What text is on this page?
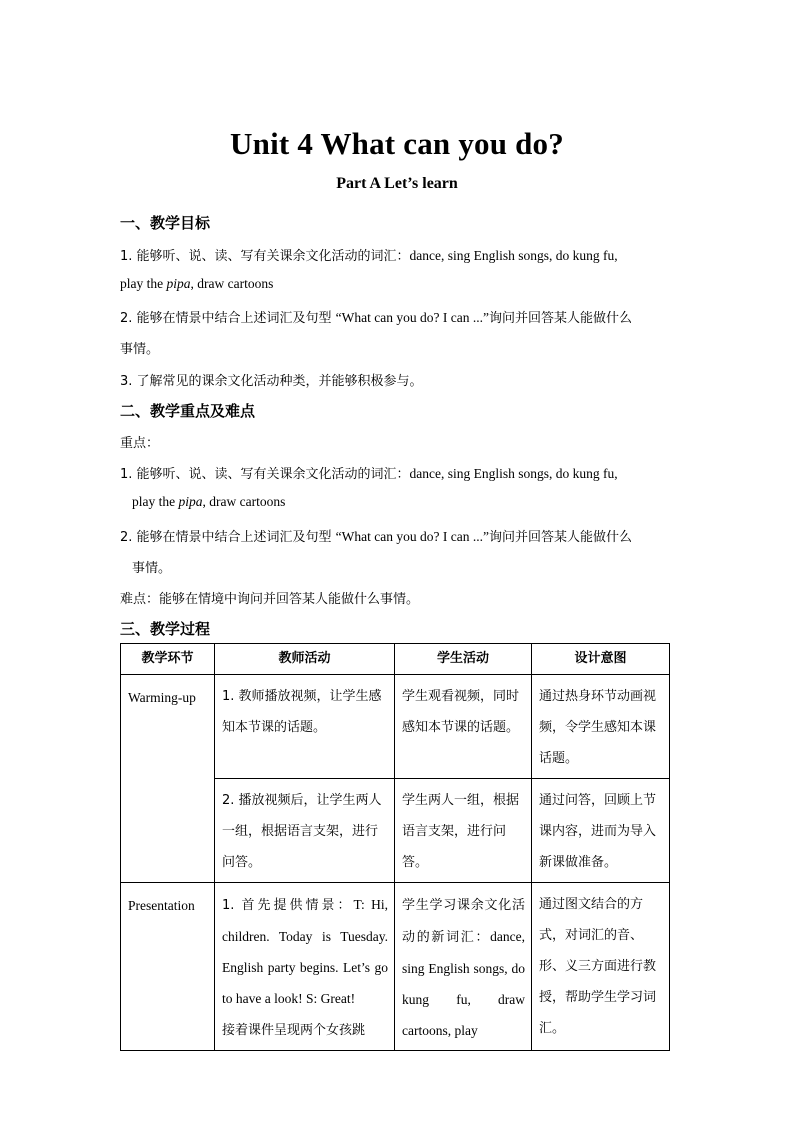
Unit 4 What can you do?
Part A Let’s learn
一、教学目标
1. 能够听、说、读、写有关课余文化活动的词汇：dance, sing English songs, do kung fu,
play the pipa, draw cartoons
2. 能够在情景中结合上述词汇及句型 “What can you do? I can ...”询问并回答某人能做什么
事情。
3. 了解常见的课余文化活动种类，并能够积极参与。
二、教学重点及难点
重点：
1. 能够听、说、读、写有关课余文化活动的词汇：dance, sing English songs, do kung fu,
play the pipa, draw cartoons
2. 能够在情景中结合上述词汇及句型 “What can you do? I can ...”询问并回答某人能做什么
事情。
难点：能够在情境中询问并回答某人能做什么事情。
三、教学过程
教学环节	教师活动	学生活动	设计意图
Warming-up	1. 教师播放视频，让学生感知本节课的话题。	学生观看视频，同时感知本节课的话题。	通过热身环节动画视频，令学生感知本课话题。
	2. 播放视频后，让学生两人一组，根据语言支架，进行问答。	学生两人一组，根据语言支架，进行问答。	通过问答，回顾上节课内容，进而为导入新课做准备。
Presentation	1. 首先提供情景：T: Hi, children. Today is Tuesday. English party begins. Let’s go to have a look! S: Great!
接着课件呈现两个女孩跳	学生学习课余文化活动的新词汇：dance, sing English songs, do kung fu, draw cartoons, play	通过图文结合的方式，对词汇的音、形、义三方面进行教授，帮助学生学习词汇。
